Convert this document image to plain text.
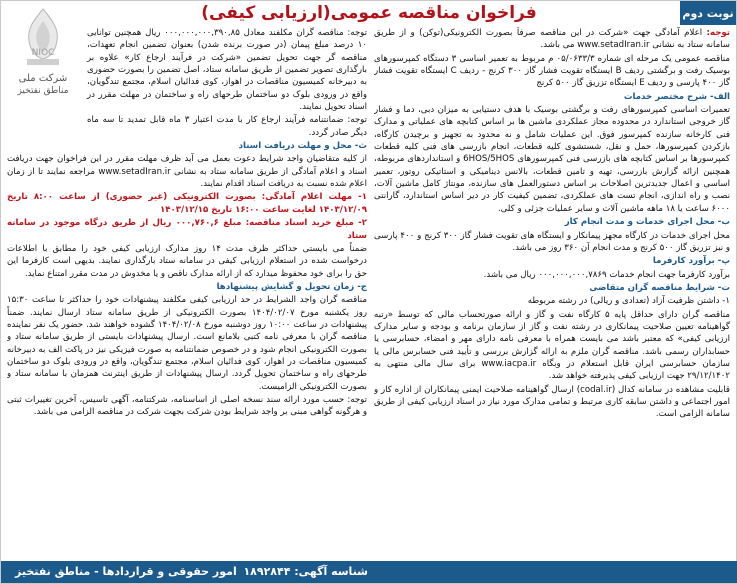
نوبت دوم
فراخوان مناقصه عمومی(ارزیابی کیفی)
NIOC
شرکت ملی
مناطق نفتخیز
توجه: اعلام آمادگی جهت «شرکت در این مناقصه صرفاً بصورت الکترونیکی(توکن) و از طریق سامانه ستاد به نشانی www.setadIran.ir می باشد.
مناقصه عمومی یک مرحله ای شماره ۰۵/۰۶۳۳/۳ م مربوط به تعمیر اساسی ۳ دستگاه کمپرسورهای بوسیک رفت و برگشتی ردیف B ایستگاه تقویت فشار گاز ۳۰۰ کرنج - ردیف C ایستگاه تقویت فشار گاز ۴۰۰ پارسی و ردیف E ایستگاه تزریق گاز ۵۰۰ کرنج
الف- شرح مختصر خدمات
تعمیرات اساسی کمپرسورهای رفت و برگشتی بوسیک با هدف دستیابی به میزان دبی، دما و فشار گاز خروجی استاندارد در محدوده مجاز عملکردی ماشین ها بر اساس کتابچه های عملیاتی و مدارک فنی کارخانه سازنده کمپرسور فوق. این عملیات شامل و نه محدود به تجهیز و برچیدن کارگاه، بازکردن کمپرسورها، حمل و نقل، شستشوی کلیه قطعات، انجام بازرسی های فنی کلیه قطعات کمپرسورها بر اساس کتابچه های بازرسی فنی کمپرسورهای 6HOS/5HOS و استانداردهای مربوطه، همچنین ارائه گزارش بازرسی، تهیه و تامین قطعات، بالانس دینامیکی و استاتیکی روتور، تعمیر اساسی و اعمال جدیدترین اصلاحات بر اساس دستورالعمل های سازنده، مونتاژ کامل ماشین آلات، نصب و راه اندازی، انجام تست های عملکردی، تضمین کیفیت کار در دیر اساس استاندارد، گارانتی ۶۰۰۰ ساعت یا ۱۸ ماهه ماشین آلات و سایر عملیات جزئی و کلی.
ب- محل اجرای خدمات و مدت انجام کار
محل اجرای خدمات در کارگاه مجهز پیمانکار و ایستگاه های تقویت فشار گاز ۳۰۰ کرنج و ۴۰۰ پارسی و نیز تزریق گاز ۵۰۰ کرنج و مدت انجام آن ۳۶۰ روز می باشد.
پ- برآورد کارفرما
برآورد کارفرما جهت انجام خدمات ۰۰۰,۰۰۰,۰۰۰,۷۸۶۹ ریال می باشد.
ت- شرایط مناقصه گران متقاضی
۱- داشتن ظرفیت آزاد (تعدادی و ریالی) در رشته مربوطه
مناقصه گران دارای حداقل پایه ۵ کارگاه نفت و گاز و ارائه صورتحساب مالی که توسط «رتبه گواهینامه تعیین صلاحیت پیمانکاری در رشته نفت و گاز از سازمان برنامه و بودجه و سایر مدارک ارزیابی کیفی» که معتبر باشد می بایست همراه با معرفی نامه دارای مهر و امضاء، حسابرسی یا حسابداران رسمی باشد. مناقصه گران ملزم به ارائه گزارش بررسی و تأیید فنی حسابرس مالی یا سازمان حسابرسی ایران قابل استعلام در وبگاه www.iacpa.ir برای سال مالی منتهی به ۲۹/۱۲/۱۴۰۲ جهت ارزیابی کیفی پذیرفته خواهد شد.
قابلیت مشاهده در سامانه کدال (codal.ir) ارسال گواهینامه صلاحیت ایمنی پیمانکاران از اداره کار و امور اجتماعی و داشتن سابقه کاری مرتبط و تمامی مدارک مورد نیاز در اسناد ارزیابی کیفی از طریق سامانه الزامی است.
توجه: مناقصه گران مکلفند معادل ۰۰۰,۰۰۰,۰۰۰,۳۹۰,۸۵ ریال همچنین توانایی ۱۰ درصد مبلغ پیمان (در صورت برنده شدن) بعنوان تضمین انجام تعهدات، مناقصه گر جهت تحویل تضمین «شرکت در فرآیند ارجاع کار» علاوه بر بارگذاری تصویر تضمین از طریق سامانه ستاد، اصل تضمین را بصورت حضوری به دبیرخانه کمیسیون مناقصات در اهواز، کوی فدائیان اسلام، مجتمع تندگویان، واقع در ورودی بلوک دو ساختمان طرحهای راه و ساختمان در مهلت مقرر در اسناد تحویل نمایند.
توجه: ضمانتنامه فرآیند ارجاع کار با مدت اعتبار ۳ ماه قابل تمدید تا سه ماه دیگر صادر گردد.
ث- محل و مهلت دریافت اسناد
از کلیه متقاضیان واجد شرایط دعوت بعمل می آید ظرف مهلت مقرر در این فراخوان جهت دریافت اسناد و اعلام آمادگی از طریق سامانه ستاد به نشانی www.setadIran.ir مراجعه نمایند تا از زمان اعلام شده نسبت به دریافت اسناد اقدام نمایند.
۱- مهلت اعلام آمادگی: بصورت الکترونیکی (غیر حضوری) از ساعت ۸:۰۰ تاریخ ۱۴۰۳/۱۲/۰۹ لغایت ساعت ۱۶:۰۰ تاریخ ۱۴۰۳/۱۲/۱۵
۲- مبلغ خرید اسناد مناقصه: مبلغ ۰۰۰,۷۶۰,۶ ریال از طریق درگاه موجود در سامانه ستاد
ضمناً می بایستی حداکثر ظرف مدت ۱۴ روز مدارک ارزیابی کیفی خود را مطابق با اطلاعات درخواست شده در استعلام ارزیابی کیفی در سامانه ستاد بارگذاری نمایند. بدیهی است کارفرما این حق را برای خود محفوظ میدارد که از ارائه مدارک ناقص و یا مخدوش در مدت مقرر امتناع نماید.
ج- زمان تحویل و گشایش پیشنهادها
مناقصه گران واجد الشرایط در حد ارزیابی کیفی مکلفند پیشنهادات خود را حداکثر تا ساعت ۱۵:۳۰ روز یکشنبه مورخ ۱۴۰۴/۰۲/۰۷ بصورت الکترونیکی از طریق سامانه ستاد ارسال نمایند. ضمناً پیشنهادات در ساعت ۱۰:۰۰ روز دوشنبه مورخ ۱۴۰۴/۰۲/۰۸ گشوده خواهند شد. حضور یک نفر نماینده مناقصه گران با معرفی نامه کتبی بلامانع است. ارسال پیشنهادات بایستی از طریق سامانه ستاد و بصورت الکترونیکی انجام شود و در خصوص ضمانتنامه به صورت فیزیکی نیز در پاکت الف به دبیرخانه کمیسیون مناقصات در اهواز، کوی فدائیان اسلام، مجتمع تندگویان، واقع در ورودی بلوک دو ساختمان طرحهای راه و ساختمان تحویل گردد. ارسال پیشنهادات از طریق اینترنت همزمان با سامانه ستاد و بصورت الکترونیکی الزامیست.
توجه: حسب مورد ارائه سند نسخه اصلی از اساسنامه، شرکتنامه، آگهی تاسیس، آخرین تغییرات ثبتی و هرگونه گواهی مبنی بر واجد شرایط بودن شرکت بجهت شرکت در مناقصه الزامی می باشد.
شناسه آگهی: ۱۸۹۲۸۴۴
امور حقوقی و قراردادها - مناطق نفتخیز
